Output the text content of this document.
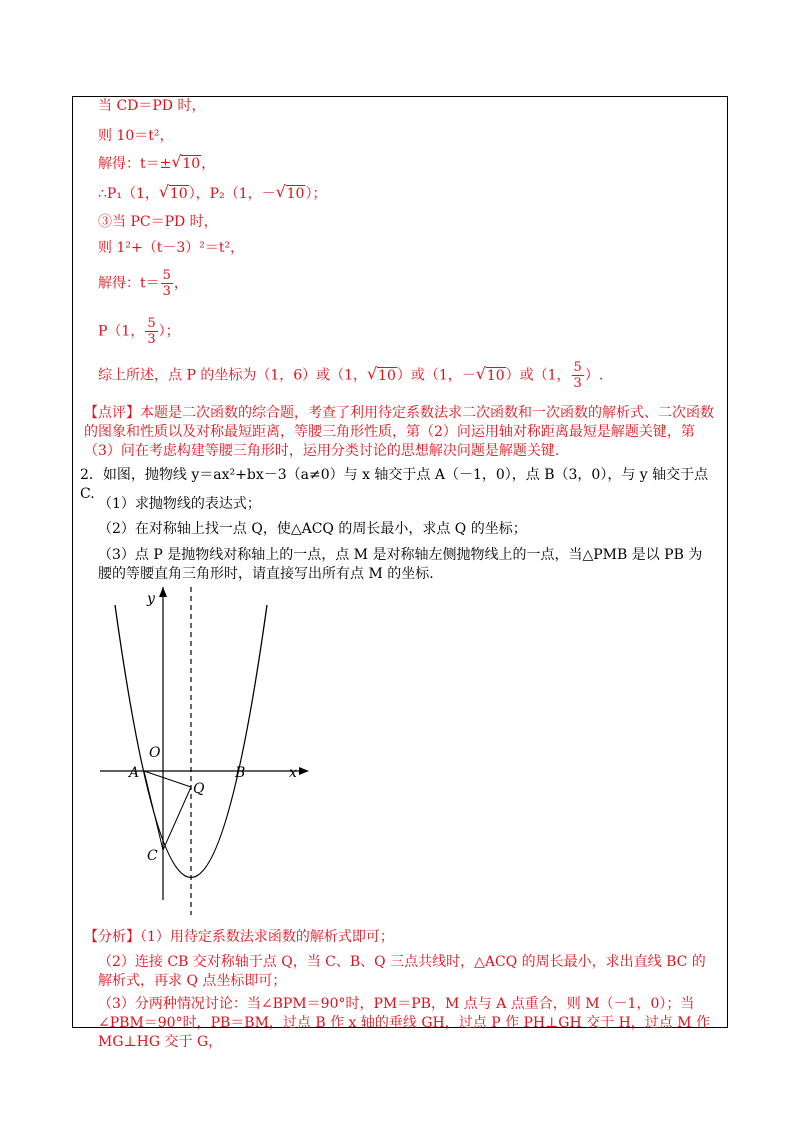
当 CD＝PD 时，
则 10＝t²，
解得：t＝± √ 10，
∴P₁（1， √ 10），P₂（1，－ √ 10）；
③当 PC＝PD 时，
则 1²+（t－3）²＝t²，
解得：$t= \frac{5}{3}$ ，
P（1， $\frac{5}{3}$ ）；
综上所述，点 P 的坐标为（1，6）或（1， √ 10）或（1，－ √ 10）或（1， $\frac{5}{3}$ ）.
【点评】本题是二次函数的综合题，考查了利用待定系数法求二次函数和一次函数的解析式、二次函数的图象和性质以及对称最短距离，等腰三角形性质，第（2）问运用轴对称距离最短是解题关键，第（3）问在考虑构建等腰三角形时，运用分类讨论的思想解决问题是解题关键.
2．如图，抛物线 y＝ax²+bx－3（a≠0）与 x 轴交于点 A（－1，0），点 B（3，0），与 y 轴交于点 C.
（1）求抛物线的表达式；
（2）在对称轴上找一点 Q，使△ACQ 的周长最小，求点 Q 的坐标；
（3）点 P 是抛物线对称轴上的一点，点 M 是对称轴左侧抛物线上的一点，当△PMB 是以 PB 为腰的等腰直角三角形时，请直接写出所有点 M 的坐标.
y
x
O
A	B
Q
C
【分析】（1）用待定系数法求函数的解析式即可；
（2）连接 CB 交对称轴于点 Q，当 C、B、Q 三点共线时，△ACQ 的周长最小，求出直线 BC 的解析式，再求 Q 点坐标即可；
（3）分两种情况讨论：当∠BPM＝90°时，PM＝PB，M 点与 A 点重合，则 M（－1，0）；当∠PBM＝90°时，PB＝BM，过点 B 作 x 轴的垂线 GH，过点 P 作 PH⊥GH 交于 H，过点 M 作 MG⊥HG 交于 G，
